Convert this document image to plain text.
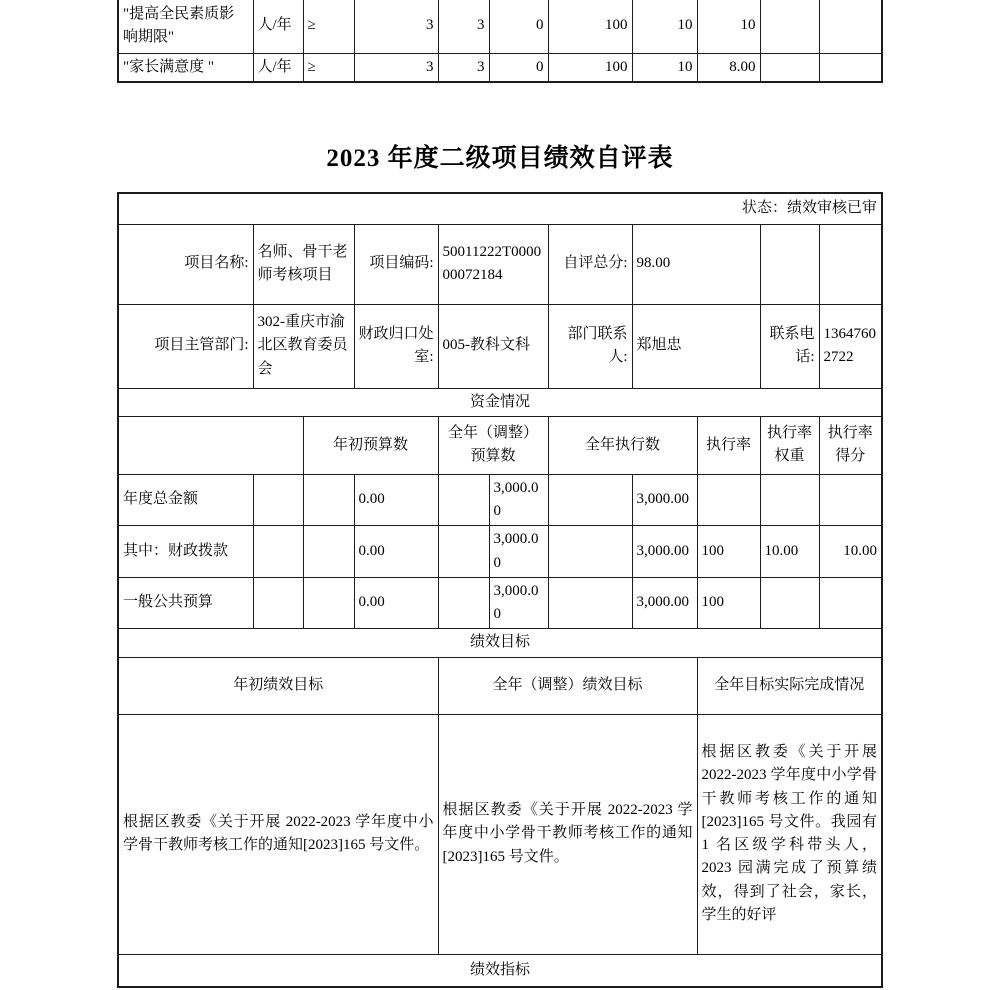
"提高全民素质影响期限"	人/年	≥	3	3	0	100	10	10		
"家长满意度 "	人/年	≥	3	3	0	100	10	8.00		
2023 年度二级项目绩效自评表
状态：绩效审核已审										
项目名称:	名师、骨干老师考核项目		项目编码:	50011222T000000072184		自评总分:	98.00			
项目主管部门:	302-重庆市渝北区教育委员会		财政归口处室:	005-教科文科		部门联系人:	郑旭忠		联系电话:	13647602722
资金情况										
		年初预算数		全年（调整）预算数		全年执行数		执行率	执行率权重	执行率得分
年度总金额			0.00		3,000.00		3,000.00			
其中：财政拨款			0.00		3,000.00		3,000.00	100	10.00	10.00
一般公共预算			0.00		3,000.00		3,000.00	100		
绩效目标										
年初绩效目标				全年（调整）绩效目标				全年目标实际完成情况		
根据区教委《关于开展 2022-2023 学年度中小学骨干教师考核工作的通知[2023]165 号文件。				根据区教委《关于开展 2022-2023 学年度中小学骨干教师考核工作的通知[2023]165 号文件。				根据区教委《关于开展 2022-2023 学年度中小学骨干教师考核工作的通知[2023]165 号文件。我园有 1 名区级学科带头人，2023 园满完成了预算绩效，得到了社会，家长，学生的好评		
绩效指标										
